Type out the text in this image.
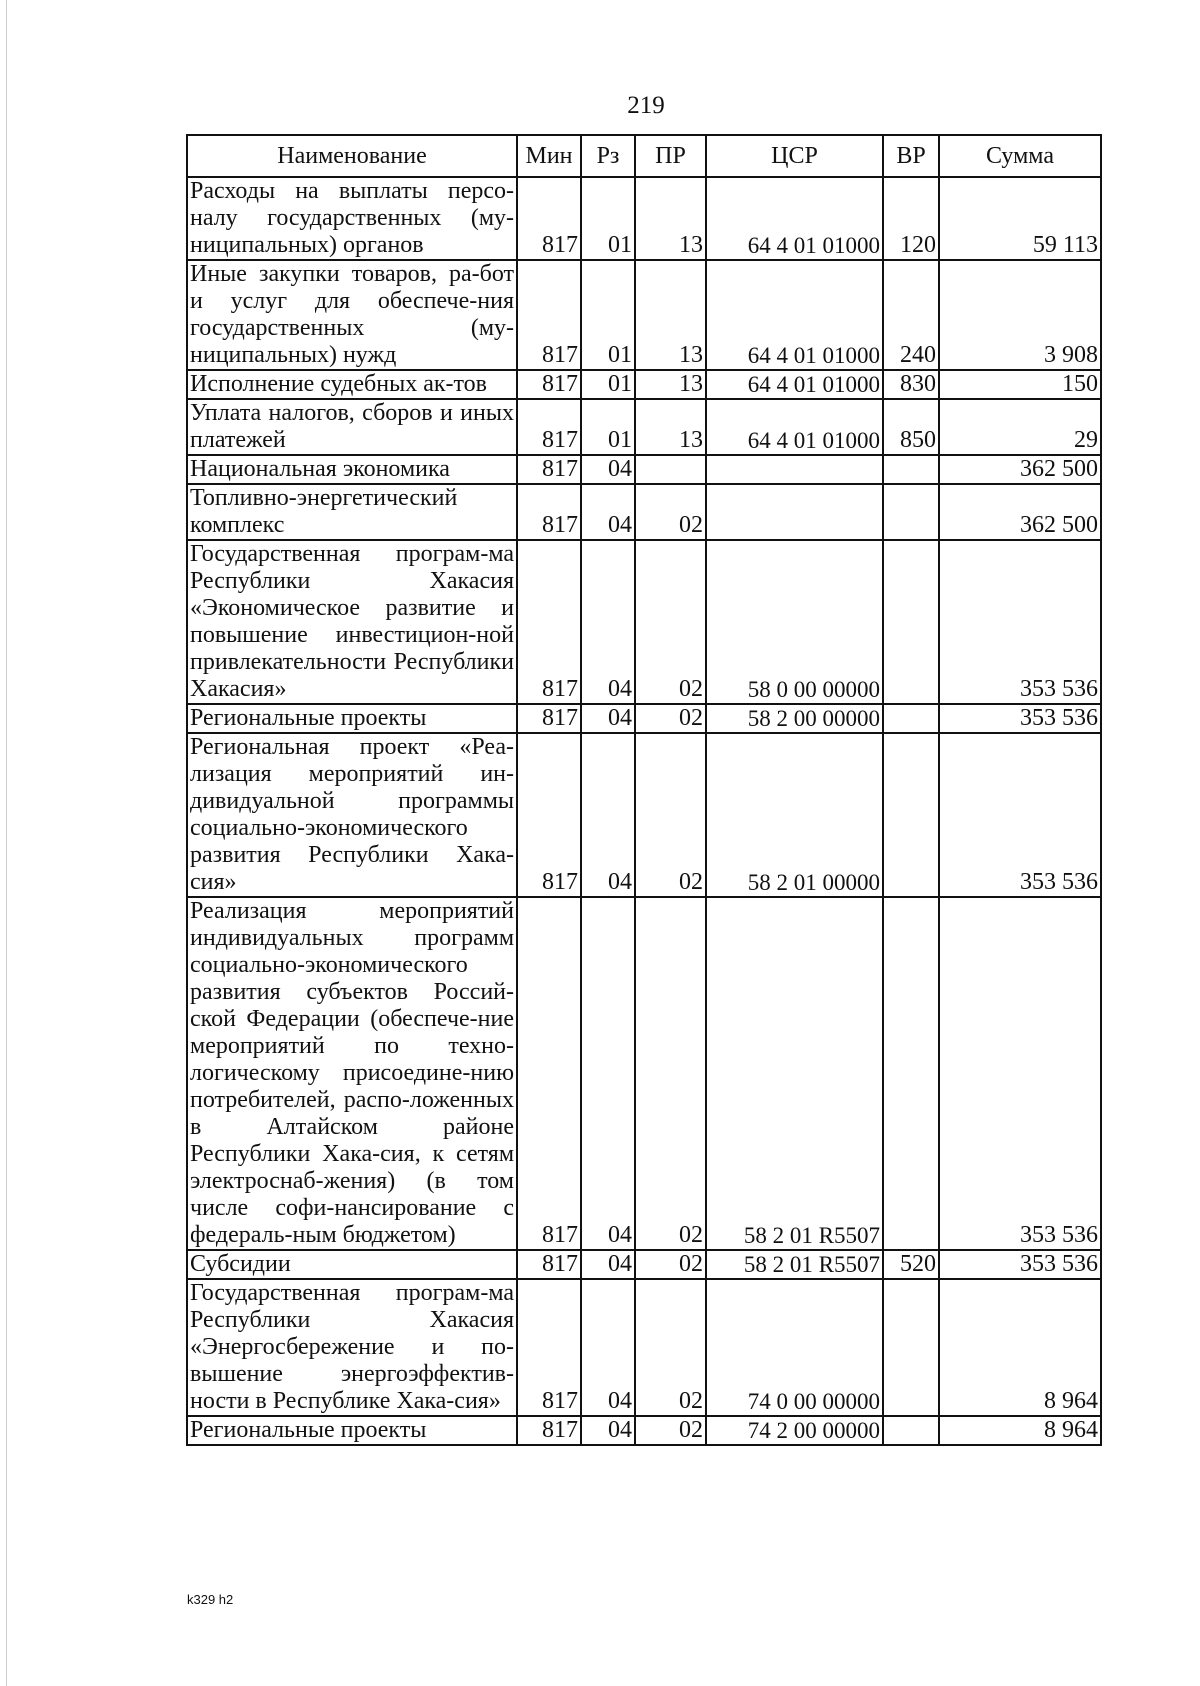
219
Наименование	Мин	Рз	ПР	ЦСР	ВР	Сумма
Расходы на выплаты персо-налу государственных (му-ниципальных) органов	817	01	13	64 4 01 01000	120	59 113
Иные закупки товаров, ра-бот и услуг для обеспече-ния государственных (му-ниципальных) нужд	817	01	13	64 4 01 01000	240	3 908
Исполнение судебных ак-тов	817	01	13	64 4 01 01000	830	150
Уплата налогов, сборов и иных платежей	817	01	13	64 4 01 01000	850	29
Национальная экономика	817	04				362 500
Топливно-энергетический комплекс	817	04	02			362 500
Государственная програм-ма Республики Хакасия «Экономическое развитие и повышение инвестицион-ной привлекательности Республики Хакасия»	817	04	02	58 0 00 00000		353 536
Региональные проекты	817	04	02	58 2 00 00000		353 536
Региональная проект «Реа-лизация мероприятий ин-дивидуальной программы социально-экономического развития Республики Хака-сия»	817	04	02	58 2 01 00000		353 536
Реализация мероприятий индивидуальных программ социально-экономического развития субъектов Россий-ской Федерации (обеспече-ние мероприятий по техно-логическому присоедине-нию потребителей, распо-ложенных в Алтайском районе Республики Хака-сия, к сетям электроснаб-жения) (в том числе софи-нансирование с федераль-ным бюджетом)	817	04	02	58 2 01 R5507		353 536
Субсидии	817	04	02	58 2 01 R5507	520	353 536
Государственная програм-ма Республики Хакасия «Энергосбережение и по-вышение энергоэффектив-ности в Республике Хака-сия»	817	04	02	74 0 00 00000		8 964
Региональные проекты	817	04	02	74 2 00 00000		8 964
k329 h2
